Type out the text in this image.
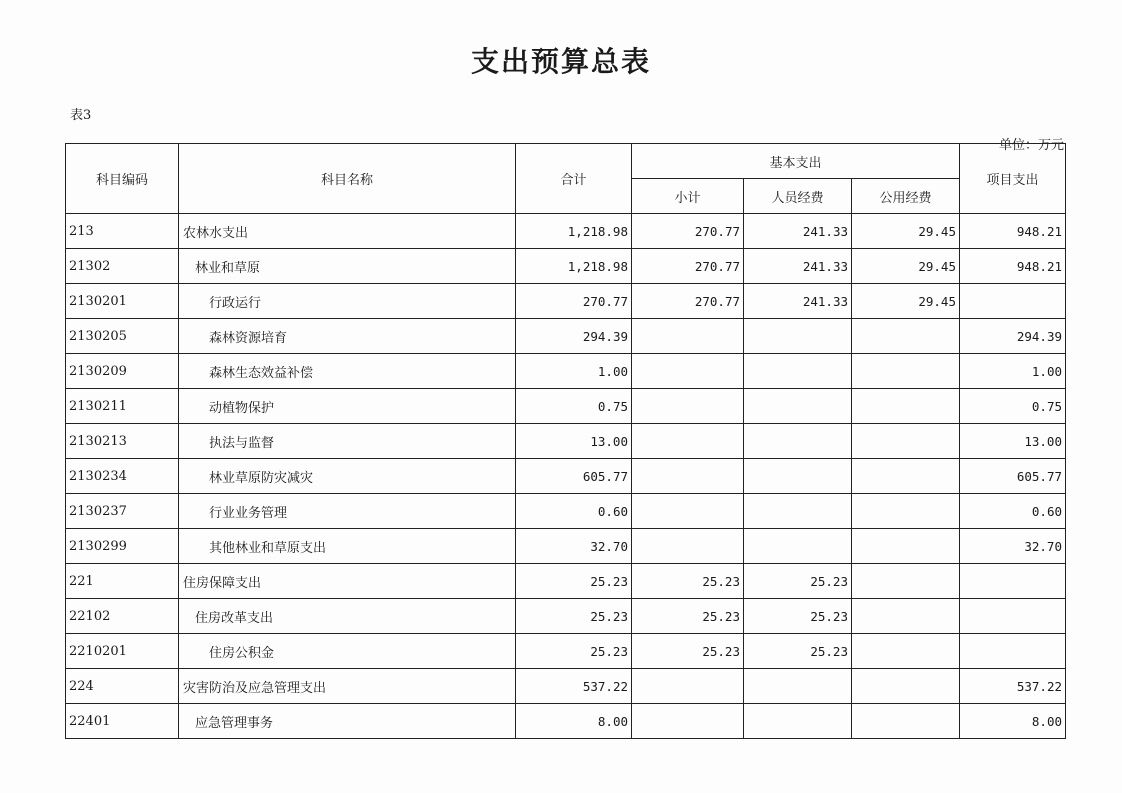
支出预算总表
表3
单位：万元
科目编码	科目名称	合计	基本支出			项目支出
			小计	人员经费	公用经费	
213	农林水支出	1,218.98	270.77	241.33	29.45	948.21
21302	林业和草原	1,218.98	270.77	241.33	29.45	948.21
2130201	行政运行	270.77	270.77	241.33	29.45	
2130205	森林资源培育	294.39				294.39
2130209	森林生态效益补偿	1.00				1.00
2130211	动植物保护	0.75				0.75
2130213	执法与监督	13.00				13.00
2130234	林业草原防灾减灾	605.77				605.77
2130237	行业业务管理	0.60				0.60
2130299	其他林业和草原支出	32.70				32.70
221	住房保障支出	25.23	25.23	25.23		
22102	住房改革支出	25.23	25.23	25.23		
2210201	住房公积金	25.23	25.23	25.23		
224	灾害防治及应急管理支出	537.22				537.22
22401	应急管理事务	8.00				8.00
